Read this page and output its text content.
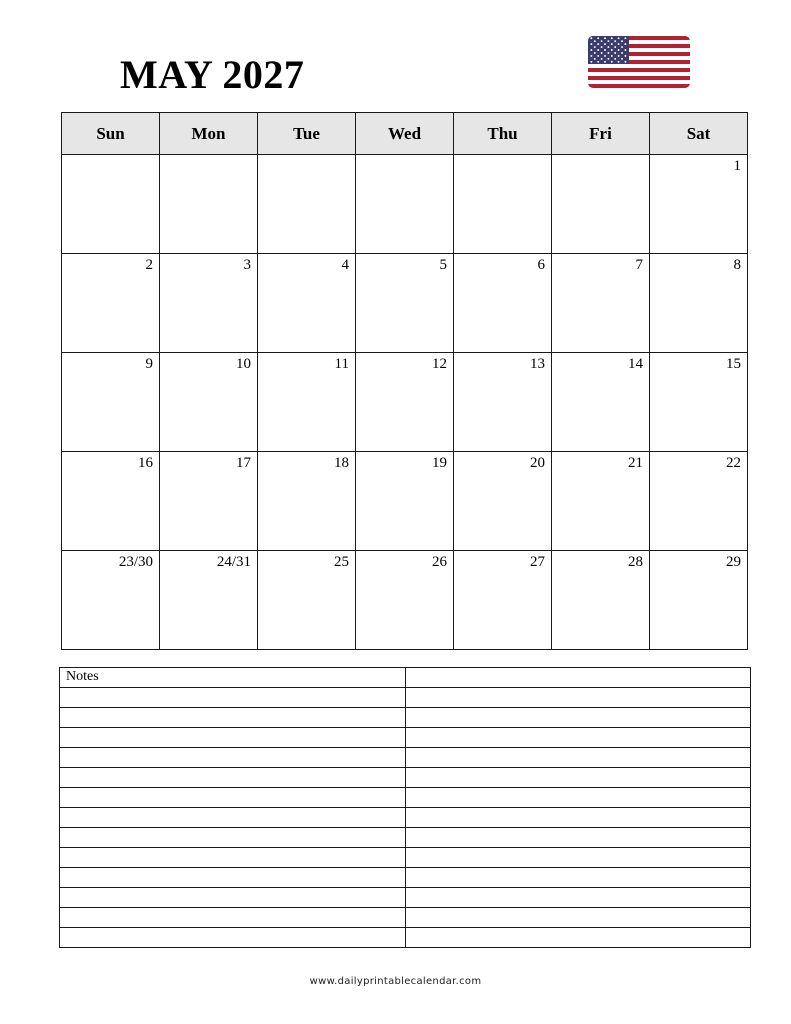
MAY 2027
Sun	Mon	Tue	Wed	Thu	Fri	Sat

						1

2	3	4	5	6	7	8

9	10	11	12	13	14	15

16	17	18	19	20	21	22

23/30	24/31	25	26	27	28	29
Notes	

www.dailyprintablecalendar.com
